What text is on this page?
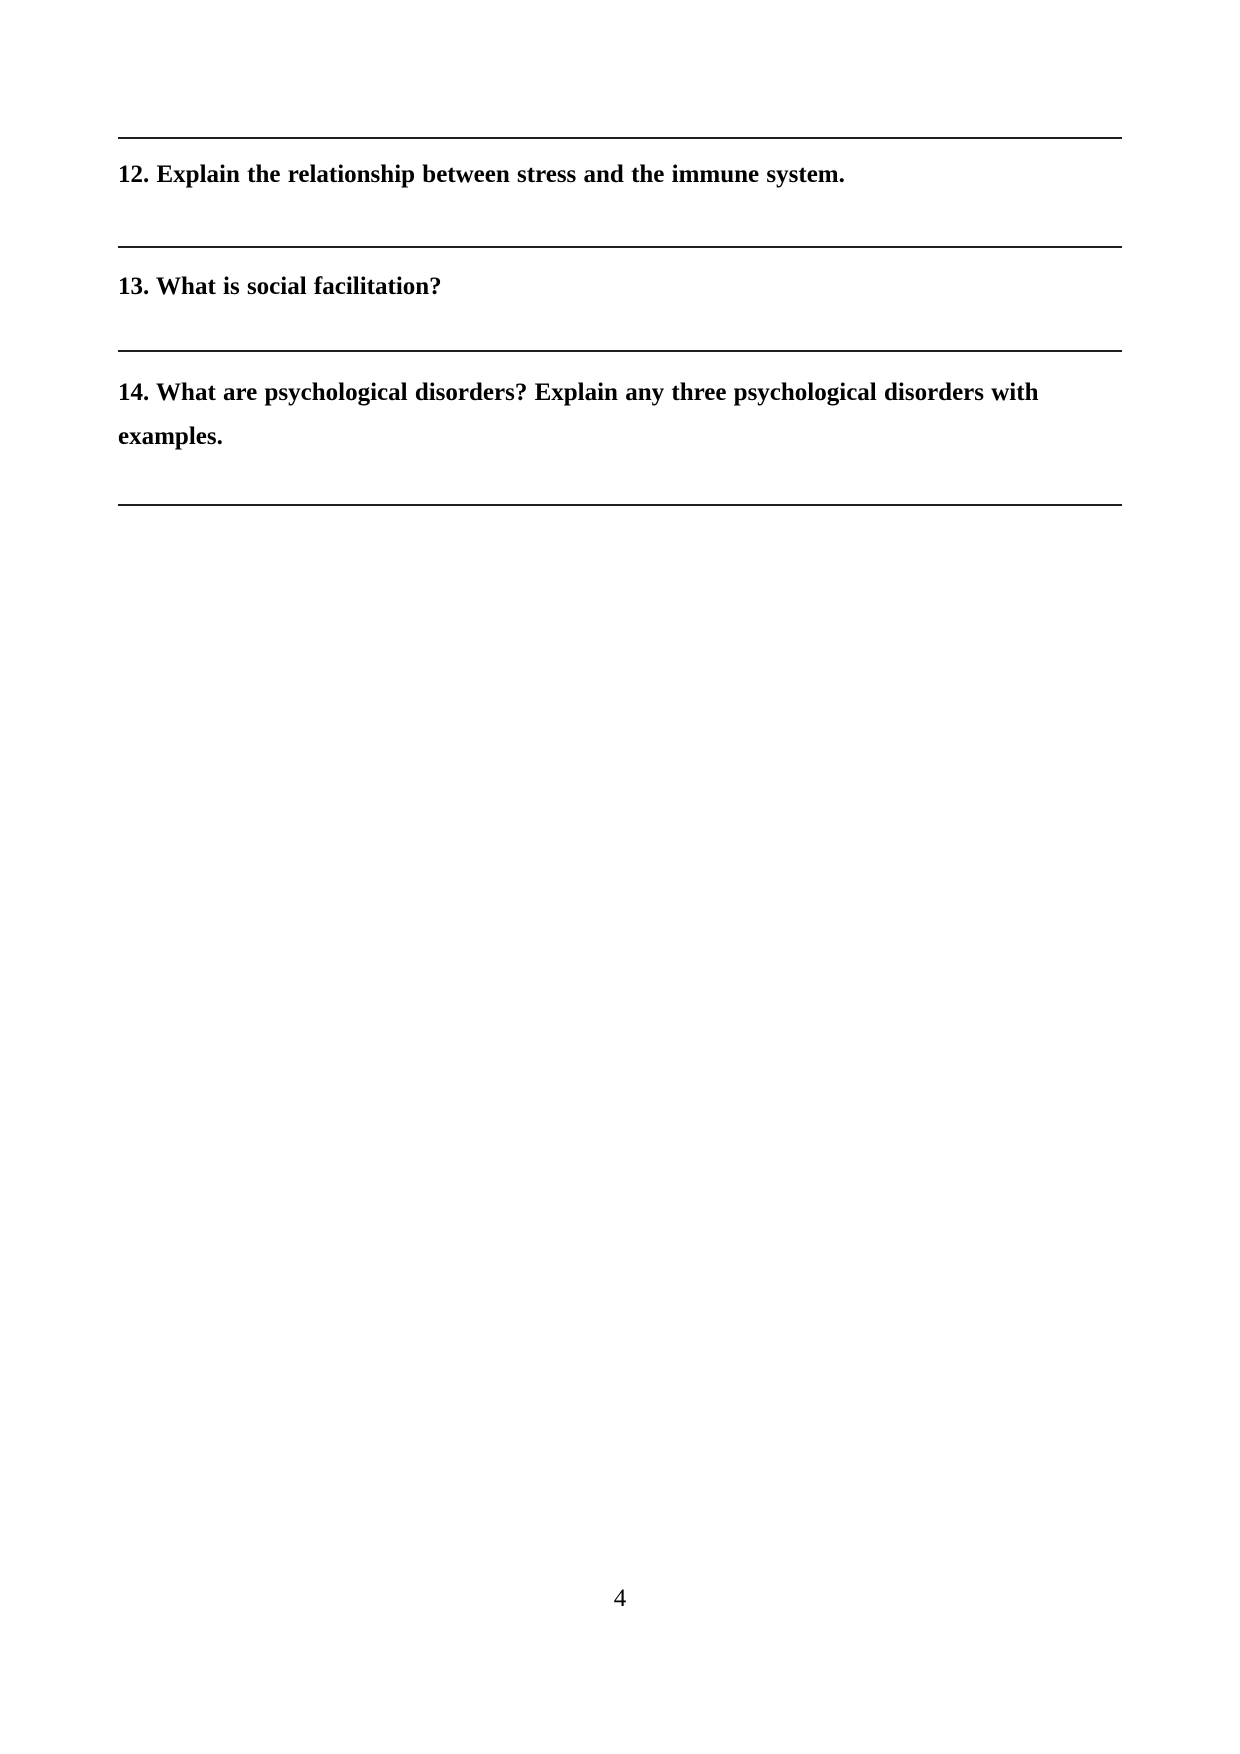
12. Explain the relationship between stress and the immune system.

13. What is social facilitation?

14. What are psychological disorders? Explain any three psychological disorders with examples.

4
